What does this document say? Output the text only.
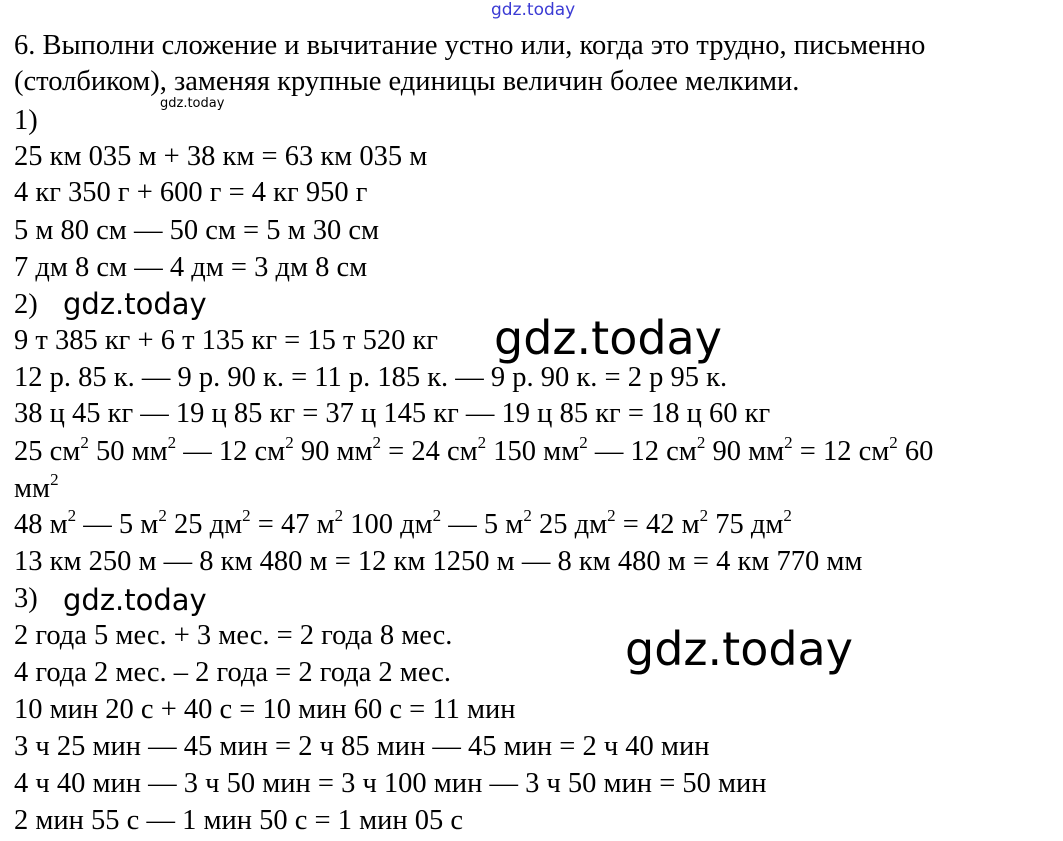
gdz.today
gdz.today
gdz.today
gdz.today
gdz.today
gdz.today
6. Выполни сложение и вычитание устно или, когда это трудно, письменно
(столбиком), заменяя крупные единицы величин более мелкими.
1)
25 км 035 м + 38 км = 63 км 035 м
4 кг 350 г + 600 г = 4 кг 950 г
5 м 80 см — 50 см = 5 м 30 см
7 дм 8 см — 4 дм = 3 дм 8 см
2)
9 т 385 кг + 6 т 135 кг = 15 т 520 кг
12 р. 85 к. — 9 р. 90 к. = 11 р. 185 к. — 9 р. 90 к. = 2 р 95 к.
38 ц 45 кг — 19 ц 85 кг = 37 ц 145 кг — 19 ц 85 кг = 18 ц 60 кг
25 $см^2$ 50 $мм^2$ — 12 $см^2$ 90 $мм^2 = 24$ $см^2$ 150 $мм^2$ — 12 $см^2$ 90 $мм^2 = 12$ $см^2$ 60
$мм^2$
48 $м^2$ — 5 $м^2$ 25 $дм^2 = 47$ $м^2$ 100 $дм^2$ — 5 $м^2$ 25 $дм^2 = 42$ $м^2$ 75 $дм^2$
13 км 250 м — 8 км 480 м = 12 км 1250 м — 8 км 480 м = 4 км 770 мм
3)
2 года 5 мес. + 3 мес. = 2 года 8 мес.
4 года 2 мес. – 2 года = 2 года 2 мес.
10 мин 20 с + 40 с = 10 мин 60 с = 11 мин
3 ч 25 мин — 45 мин = 2 ч 85 мин — 45 мин = 2 ч 40 мин
4 ч 40 мин — 3 ч 50 мин = 3 ч 100 мин — 3 ч 50 мин = 50 мин
2 мин 55 с — 1 мин 50 с = 1 мин 05 с
